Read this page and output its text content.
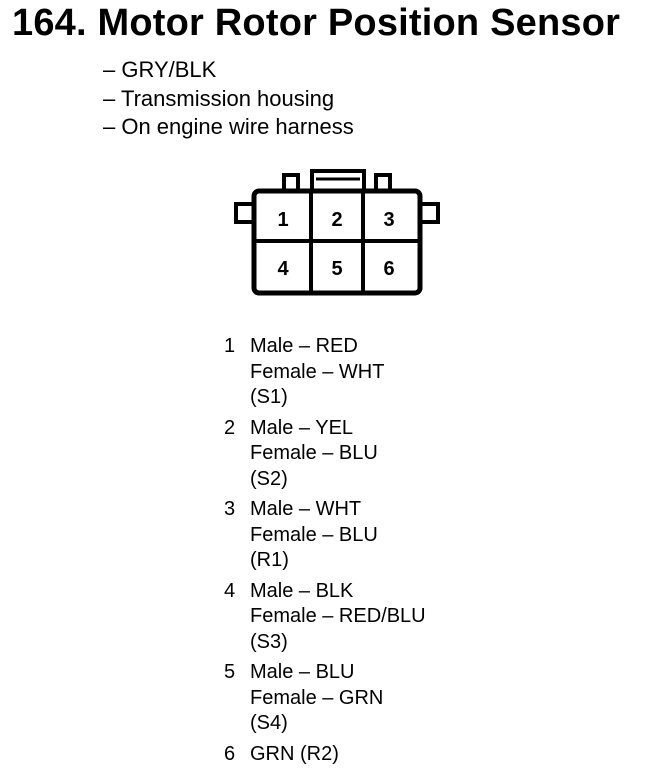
164. Motor Rotor Position Sensor
– GRY/BLK
– Transmission housing
– On engine wire harness
1 2 3
4 5 6
1 Male – RED
Female – WHT
(S1)
2 Male – YEL
Female – BLU
(S2)
3 Male – WHT
Female – BLU
(R1)
4 Male – BLK
Female – RED/BLU
(S3)
5 Male – BLU
Female – GRN
(S4)
6 GRN (R2)
